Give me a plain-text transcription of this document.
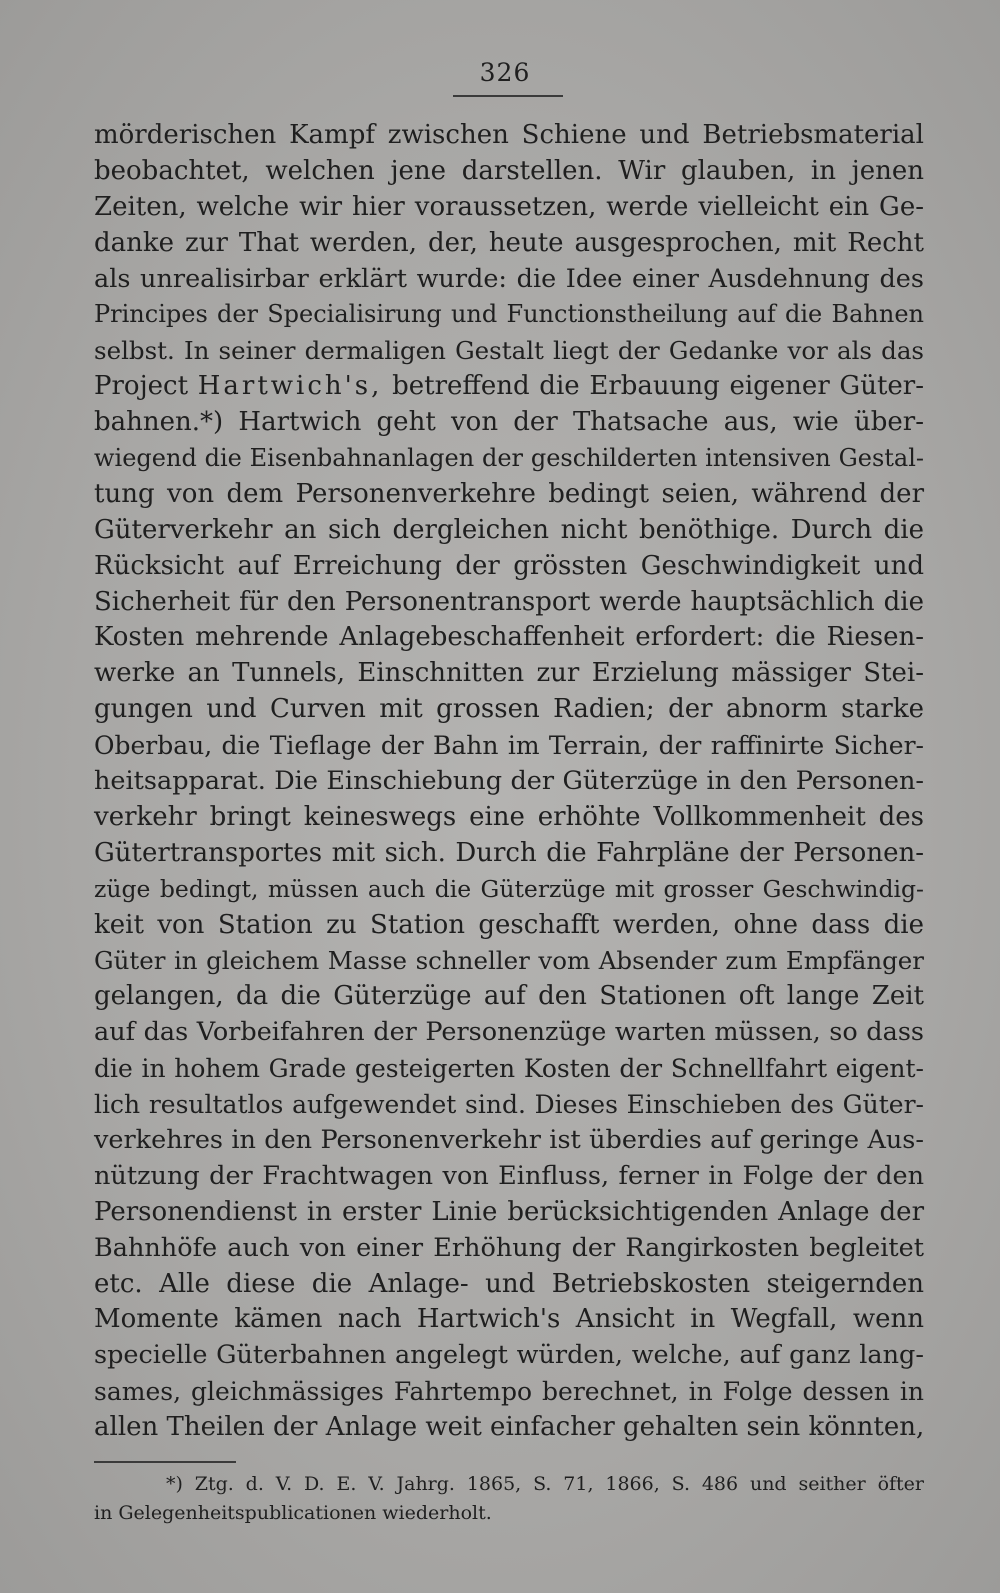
326
mörderischen Kampf zwischen Schiene und Betriebsmaterial
beobachtet, welchen jene darstellen. Wir glauben, in jenen
Zeiten, welche wir hier voraussetzen, werde vielleicht ein Ge-
danke zur That werden, der, heute ausgesprochen, mit Recht
als unrealisirbar erklärt wurde: die Idee einer Ausdehnung des
Principes der Specialisirung und Functionstheilung auf die Bahnen
selbst. In seiner dermaligen Gestalt liegt der Gedanke vor als das
Project Hartwich's, betreffend die Erbauung eigener Güter-
bahnen.*) Hartwich geht von der Thatsache aus, wie über-
wiegend die Eisenbahnanlagen der geschilderten intensiven Gestal-
tung von dem Personenverkehre bedingt seien, während der
Güterverkehr an sich dergleichen nicht benöthige. Durch die
Rücksicht auf Erreichung der grössten Geschwindigkeit und
Sicherheit für den Personentransport werde hauptsächlich die
Kosten mehrende Anlagebeschaffenheit erfordert: die Riesen-
werke an Tunnels, Einschnitten zur Erzielung mässiger Stei-
gungen und Curven mit grossen Radien; der abnorm starke
Oberbau, die Tieflage der Bahn im Terrain, der raffinirte Sicher-
heitsapparat. Die Einschiebung der Güterzüge in den Personen-
verkehr bringt keineswegs eine erhöhte Vollkommenheit des
Gütertransportes mit sich. Durch die Fahrpläne der Personen-
züge bedingt, müssen auch die Güterzüge mit grosser Geschwindig-
keit von Station zu Station geschafft werden, ohne dass die
Güter in gleichem Masse schneller vom Absender zum Empfänger
gelangen, da die Güterzüge auf den Stationen oft lange Zeit
auf das Vorbeifahren der Personenzüge warten müssen, so dass
die in hohem Grade gesteigerten Kosten der Schnellfahrt eigent-
lich resultatlos aufgewendet sind. Dieses Einschieben des Güter-
verkehres in den Personenverkehr ist überdies auf geringe Aus-
nützung der Frachtwagen von Einfluss, ferner in Folge der den
Personendienst in erster Linie berücksichtigenden Anlage der
Bahnhöfe auch von einer Erhöhung der Rangirkosten begleitet
etc. Alle diese die Anlage- und Betriebskosten steigernden
Momente kämen nach Hartwich's Ansicht in Wegfall, wenn
specielle Güterbahnen angelegt würden, welche, auf ganz lang-
sames, gleichmässiges Fahrtempo berechnet, in Folge dessen in
allen Theilen der Anlage weit einfacher gehalten sein könnten,
*) Ztg. d. V. D. E. V. Jahrg. 1865, S. 71, 1866, S. 486 und seither öfter
in Gelegenheitspublicationen wiederholt.
